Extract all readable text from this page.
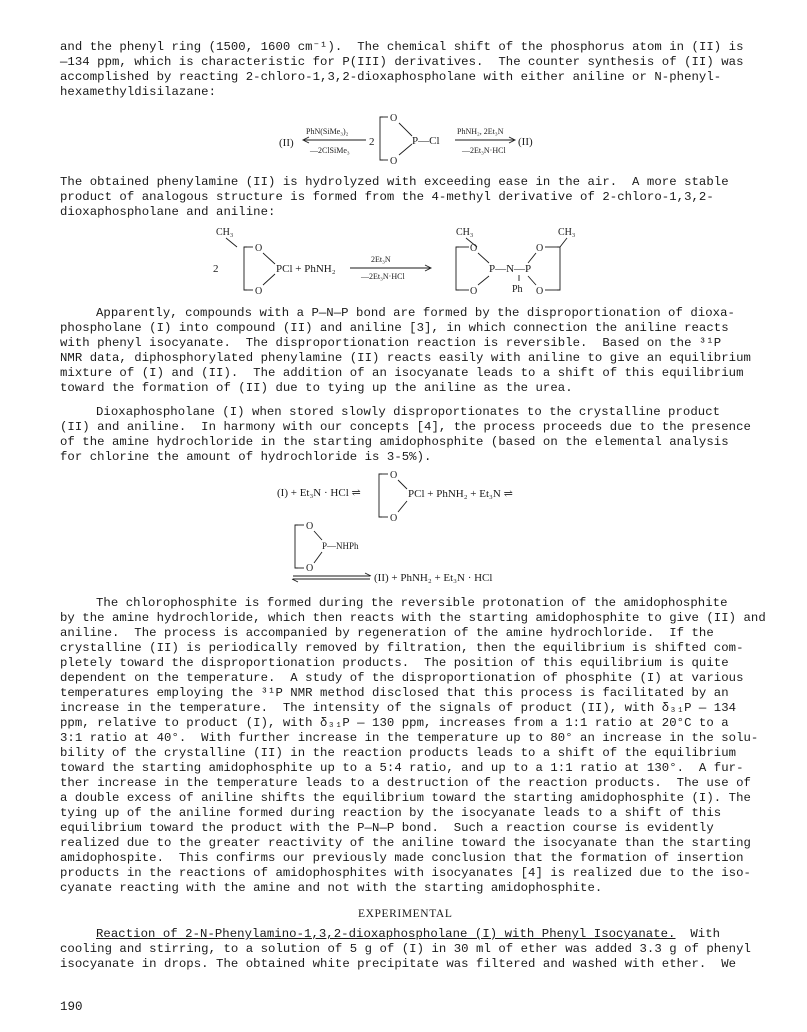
and the phenyl ring (1500, 1600 cm⁻¹).  The chemical shift of the phosphorus atom in (II) is
—134 ppm, which is characteristic for P(III) derivatives.  The counter synthesis of (II) was
accomplished by reacting 2-chloro-1,3,2-dioxaphospholane with either aniline or N-phenyl-
hexamethyldisilazane:
(II)
PhN(SiMe₃)₂
—2ClSiMe₃
2
O
O
P—Cl
PhNH₂, 2Et₃N
—2Et₃N·HCl
(II)
The obtained phenylamine (II) is hydrolyzed with exceeding ease in the air.  A more stable
product of analogous structure is formed from the 4-methyl derivative of 2-chloro-1,3,2-
dioxaphospholane and aniline:
CH₃
2
O
O
PCl + PhNH₂
2Et₃N
—2Et₃N·HCl
CH₃
O
O
P—N—P
Ph
CH₃
O
O
Apparently, compounds with a P—N—P bond are formed by the disproportionation of dioxa-
phospholane (I) into compound (II) and aniline [3], in which connection the aniline reacts
with phenyl isocyanate.  The disproportionation reaction is reversible.  Based on the ³¹P
NMR data, diphosphorylated phenylamine (II) reacts easily with aniline to give an equilibrium
mixture of (I) and (II).  The addition of an isocyanate leads to a shift of this equilibrium
toward the formation of (II) due to tying up the aniline as the urea.
Dioxaphospholane (I) when stored slowly disproportionates to the crystalline product
(II) and aniline.  In harmony with our concepts [4], the process proceeds due to the presence
of the amine hydrochloride in the starting amidophosphite (based on the elemental analysis
for chlorine the amount of hydrochloride is 3-5%).
(I) + Et₃N · HCl ⇌
O
O
PCl + PhNH₂ + Et₃N ⇌
O
O
P—NHPh
(II) + PhNH₂ + Et₃N · HCl
The chlorophosphite is formed during the reversible protonation of the amidophosphite
by the amine hydrochloride, which then reacts with the starting amidophosphite to give (II) and
aniline.  The process is accompanied by regeneration of the amine hydrochloride.  If the
crystalline (II) is periodically removed by filtration, then the equilibrium is shifted com-
pletely toward the disproportionation products.  The position of this equilibrium is quite
dependent on the temperature.  A study of the disproportionation of phosphite (I) at various
temperatures employing the ³¹P NMR method disclosed that this process is facilitated by an
increase in the temperature.  The intensity of the signals of product (II), with δ₃₁P — 134
ppm, relative to product (I), with δ₃₁P — 130 ppm, increases from a 1:1 ratio at 20°C to a
3:1 ratio at 40°.  With further increase in the temperature up to 80° an increase in the solu-
bility of the crystalline (II) in the reaction products leads to a shift of the equilibrium
toward the starting amidophosphite up to a 5:4 ratio, and up to a 1:1 ratio at 130°.  A fur-
ther increase in the temperature leads to a destruction of the reaction products.  The use of
a double excess of aniline shifts the equilibrium toward the starting amidophosphite (I). The
tying up of the aniline formed during reaction by the isocyanate leads to a shift of this
equilibrium toward the product with the P—N—P bond.  Such a reaction course is evidently
realized due to the greater reactivity of the aniline toward the isocyanate than the starting
amidophospite.  This confirms our previously made conclusion that the formation of insertion
products in the reactions of amidophosphites with isocyanates [4] is realized due to the iso-
cyanate reacting with the amine and not with the starting amidophosphite.
EXPERIMENTAL
Reaction of 2-N-Phenylamino-1,3,2-dioxaphospholane (I) with Phenyl Isocyanate.  With
cooling and stirring, to a solution of 5 g of (I) in 30 ml of ether was added 3.3 g of phenyl
isocyanate in drops. The obtained white precipitate was filtered and washed with ether.  We
190
